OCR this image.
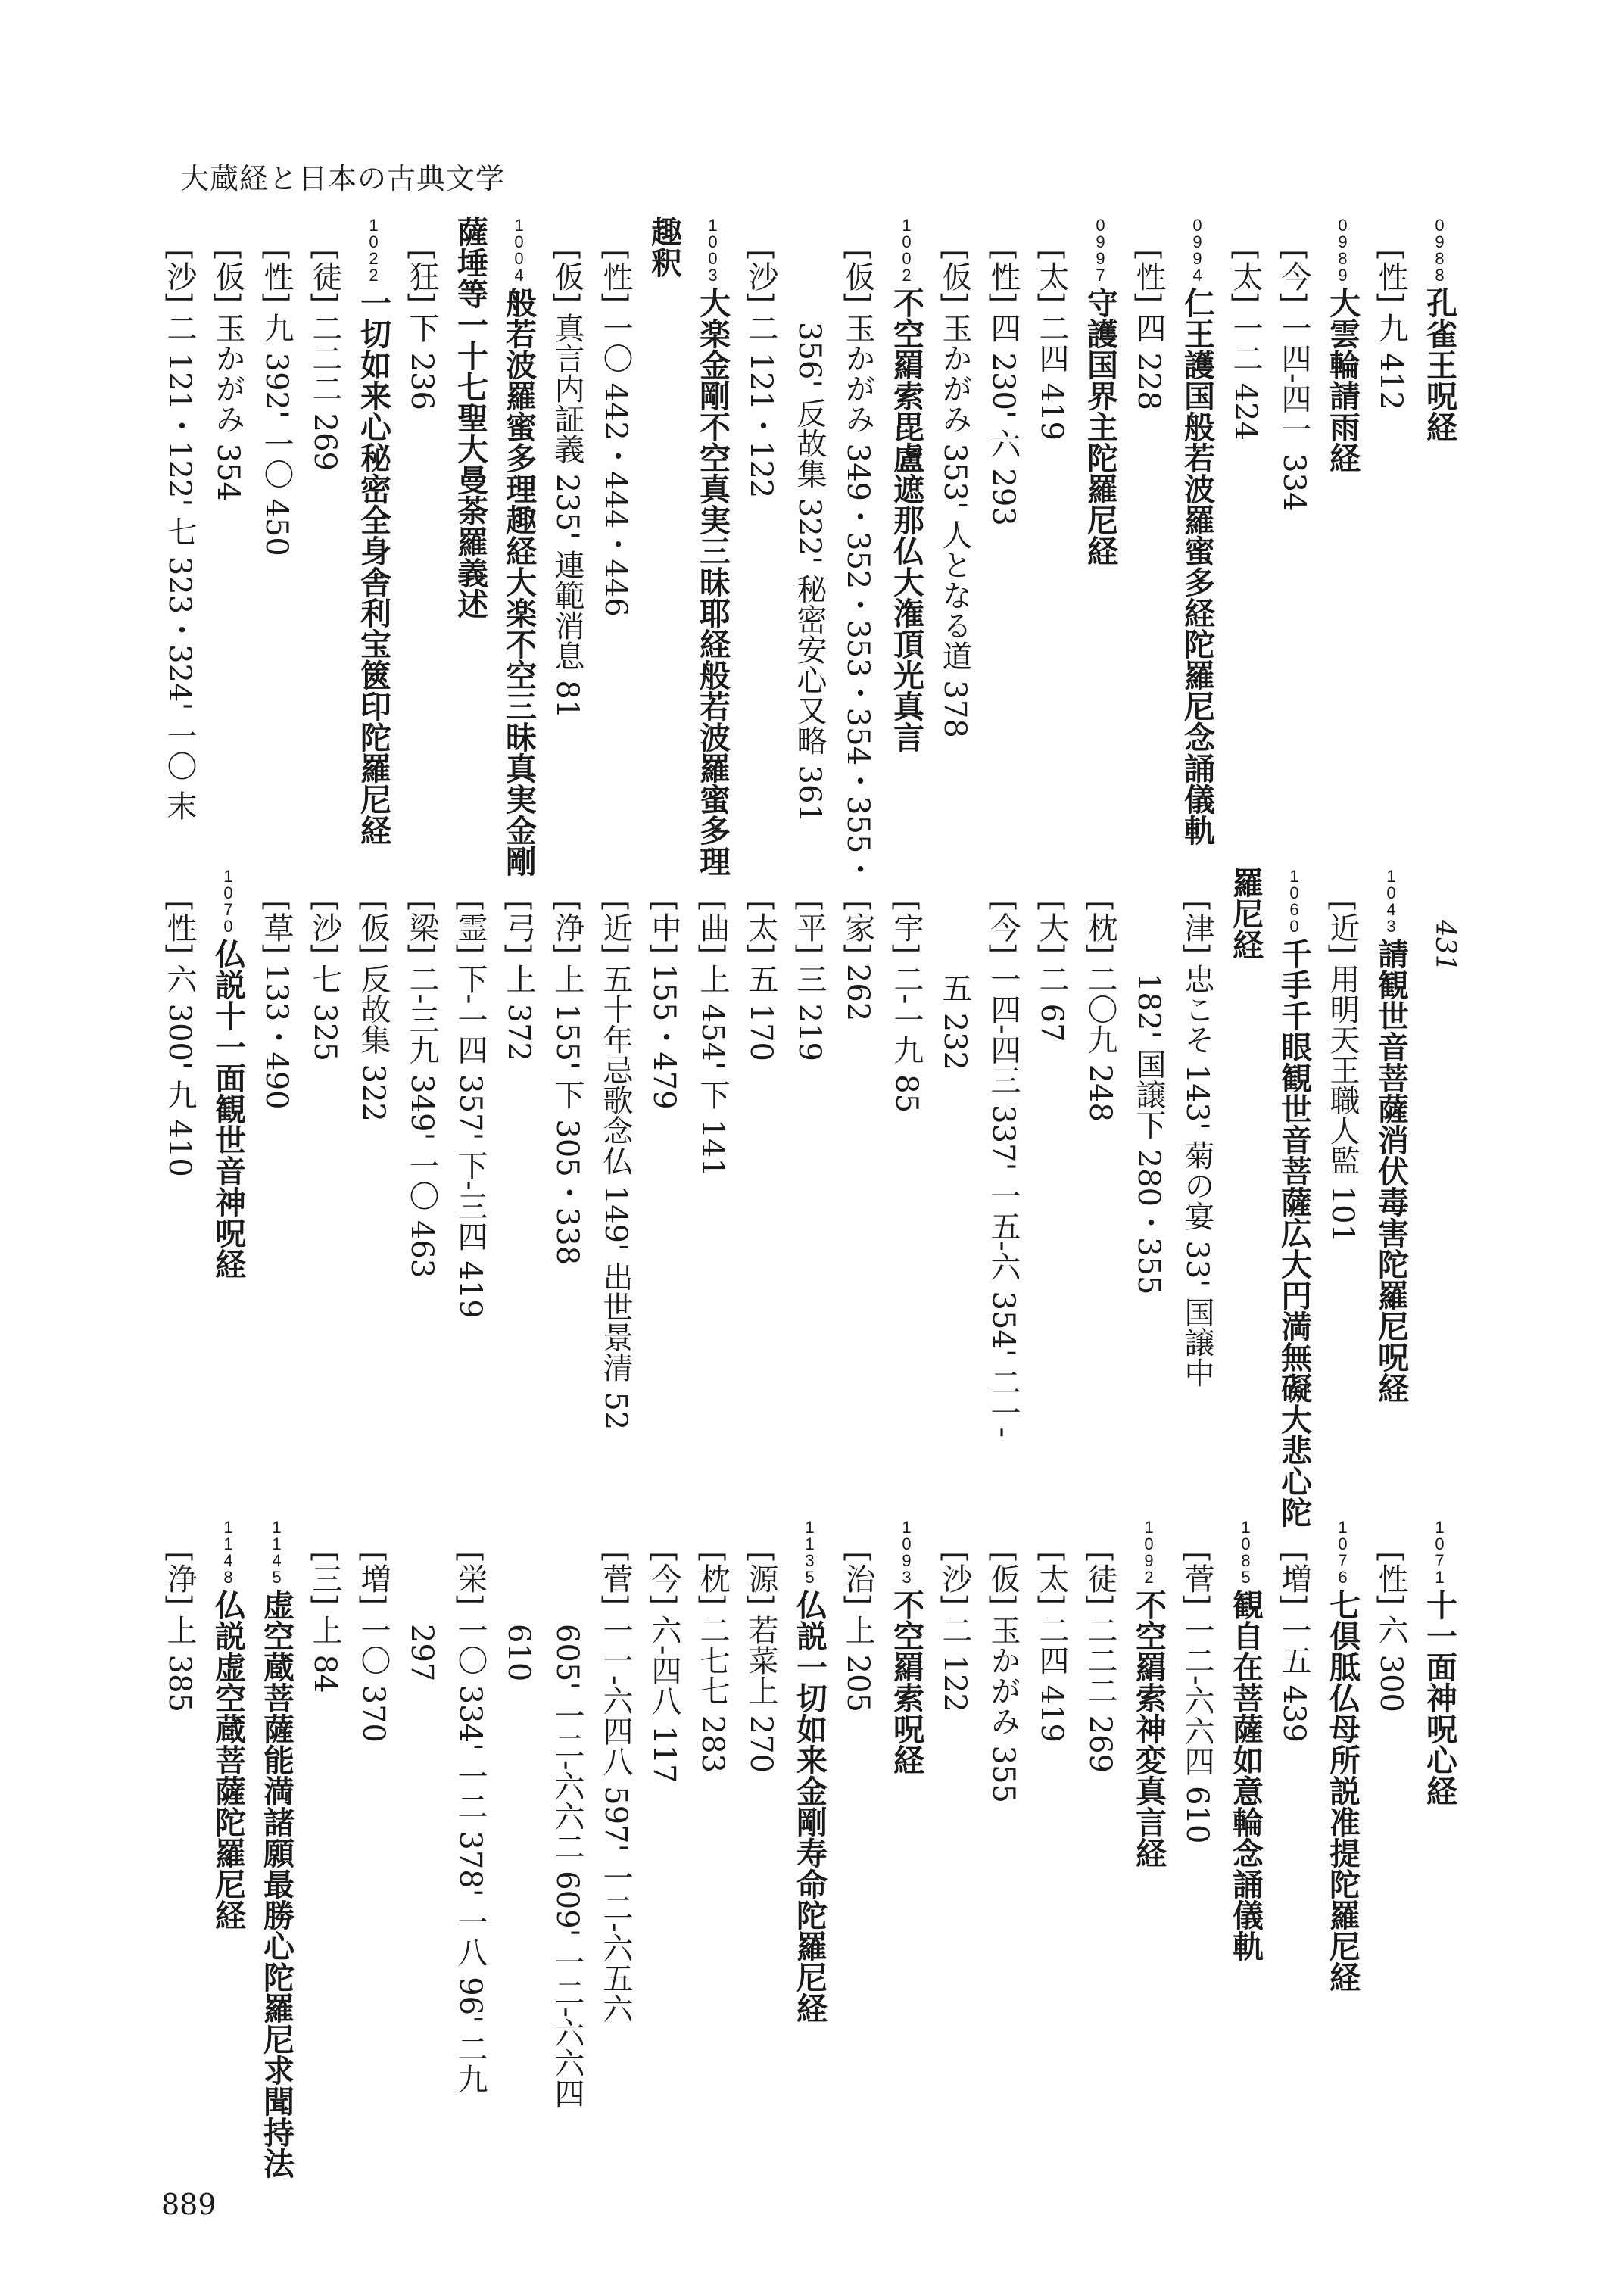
大蔵経と日本の古典文学
431
0988孔雀王呪経
[性] 九 412
0989大雲輪請雨経
[今] 一四-四一 334
[太] 一二 424
0994仁王護国般若波羅蜜多経陀羅尼念誦儀軌
[性] 四 228
0997守護国界主陀羅尼経
[太] 二四 419
[性] 四 230' 六 293
[仮] 玉かがみ 353' 人となる道 378
1002不空羂索毘盧遮那仏大潅頂光真言
[仮] 玉かがみ 349・352・353・354・355・
356' 反故集 322' 秘密安心又略 361
[沙] 二 121・122
1003大楽金剛不空真実三昧耶経般若波羅蜜多理
趣釈
[性] 一〇 442・444・446
[仮] 真言内証義 235' 連範消息 81
1004般若波羅蜜多理趣経大楽不空三昧真実金剛
薩埵等一十七聖大曼荼羅義述
[狂] 下 236
1022一切如来心秘密全身舎利宝篋印陀羅尼経
[徒] 二二二 269
[性] 九 392' 一〇 450
[仮] 玉かがみ 354
[沙] 二 121・122' 七 323・324' 一〇 末
1043請観世音菩薩消伏毒害陀羅尼呪経
[近] 用明天王職人監 101
1060千手千眼観世音菩薩広大円満無礙大悲心陀
羅尼経
[津] 忠こそ 143' 菊の宴 33' 国譲中
182' 国譲下 280・355
[枕] 二〇九 248
[大] 二 67
[今] 一四-四三 337' 一五-六 354' 二一-
五 232
[宇] 二-一九 85
[家] 262
[平] 三 219
[太] 五 170
[曲] 上 454' 下 141
[中] 155・479
[近] 五十年忌歌念仏 149' 出世景清 52
[浄] 上 155' 下 305・338
[弓] 上 372
[霊] 下-一四 357' 下-三四 419
[梁] 二-三九 349' 一〇 463
[仮] 反故集 322
[沙] 七 325
[草] 133・490
1070仏説十一面観世音神呪経
[性] 六 300' 九 410
1071十一面神呪心経
[性] 六 300
1076七倶胝仏母所説准提陀羅尼経
[増] 一五 439
1085観自在菩薩如意輪念誦儀軌
[菅] 一二-六六四 610
1092不空羂索神変真言経
[徒] 二二二 269
[太] 二四 419
[仮] 玉かがみ 355
[沙] 二 122
1093不空羂索呪経
[治] 上 205
1135仏説一切如来金剛寿命陀羅尼経
[源] 若菜上 270
[枕] 二七七 283
[今] 六-四八 117
[菅] 一一-六四八 597' 一二-六五六
605' 一二-六六二 609' 一二-六六四
610
[栄] 一〇 334' 一二 378' 一八 96' 二九
297
[増] 一〇 370
[三] 上 84
1145虚空蔵菩薩能満諸願最勝心陀羅尼求聞持法
1148仏説虚空蔵菩薩陀羅尼経
[浄] 上 385
889
